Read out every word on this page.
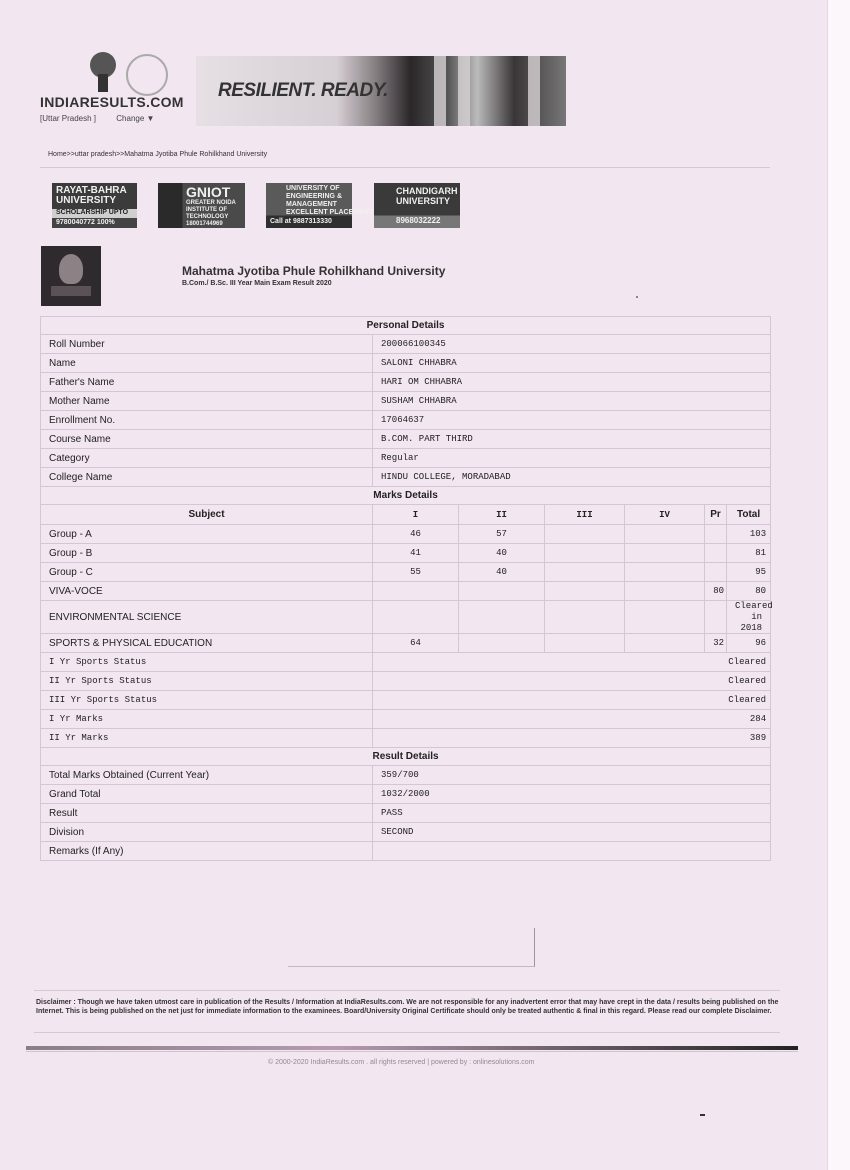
INDIARESULTS.COM
[Uttar Pradesh ]	Change ▼
RESILIENT. READY.
Home>>uttar pradesh>>Mahatma Jyotiba Phule Rohilkhand University
RAYAT-BAHRA
UNIVERSITY
SCHOLARSHIP UPTO
9780040772 100%
GNIOT
GREATER NOIDA
INSTITUTE OF
TECHNOLOGY
18001744969
UNIVERSITY OF
ENGINEERING &
MANAGEMENT
EXCELLENT PLACEMENT
Call at 9887313330
CHANDIGARH
UNIVERSITY
8968032222
Mahatma Jyotiba Phule Rohilkhand University
B.Com./ B.Sc. III Year Main Exam Result 2020
Personal Details						
Roll Number	200066100345					
Name	SALONI CHHABRA					
Father's Name	HARI OM CHHABRA					
Mother Name	SUSHAM CHHABRA					
Enrollment No.	17064637					
Course Name	B.COM. PART THIRD					
Category	Regular					
College Name	HINDU COLLEGE, MORADABAD					
Marks Details						
Subject	I	II	III	IV	Pr	Total
Group - A	46	57				103
Group - B	41	40				81
Group - C	55	40				95
VIVA-VOCE					80	80
ENVIRONMENTAL SCIENCE						Cleared
in 2018
SPORTS & PHYSICAL EDUCATION	64				32	96
I Yr Sports Status	Cleared					
II Yr Sports Status	Cleared					
III Yr Sports Status	Cleared					
I Yr Marks	284					
II Yr Marks	389					
Result Details						
Total Marks Obtained (Current Year)	359/700					
Grand Total	1032/2000					
Result	PASS					
Division	SECOND					
Remarks (If Any)						
Disclaimer : Though we have taken utmost care in publication of the Results / Information at IndiaResults.com. We are not responsible for any inadvertent error that may have crept in the data / results being published on the Internet. This is being published on the net just for immediate information to the examinees. Board/University Original Certificate should only be treated authentic & final in this regard. Please read our complete Disclaimer.
© 2000-2020 IndiaResults.com . all rights reserved | powered by : onlinesolutions.com
